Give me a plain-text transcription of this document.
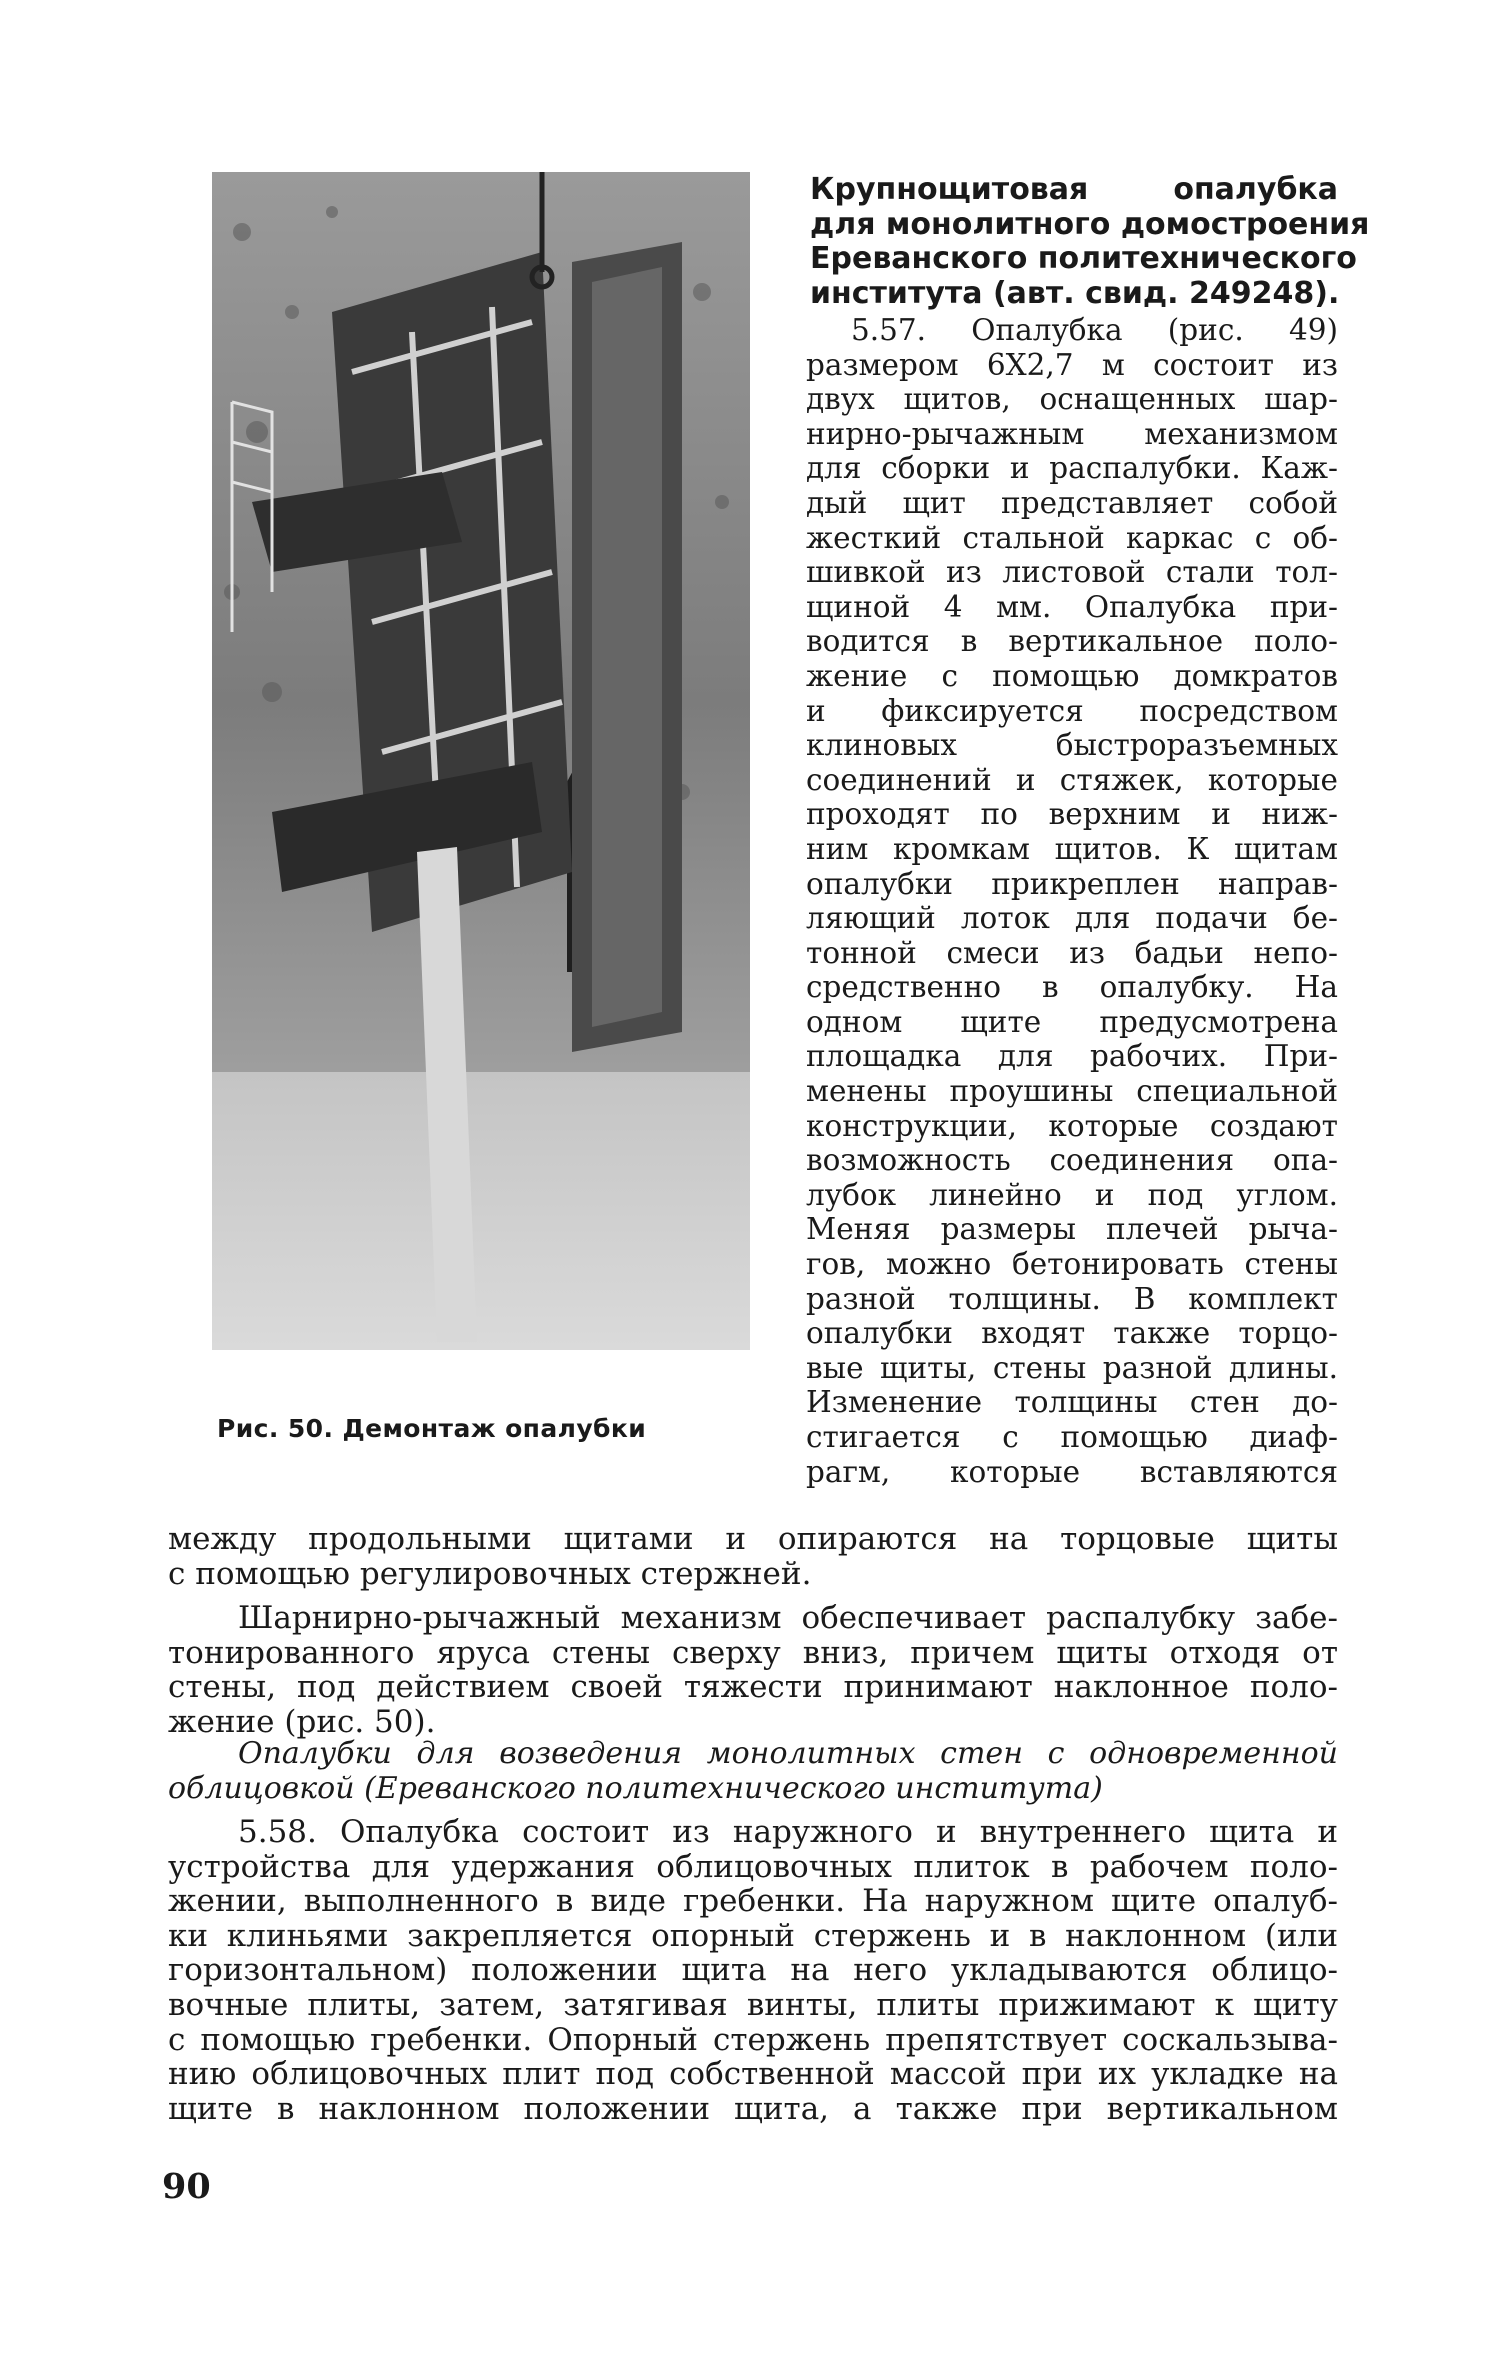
Рис. 50. Демонтаж опалубки
Крупнощитовая опалубка
для монолитного домостроения
Ереванского политехнического
института (авт. свид. 249248).
5.57. Опалубка (рис. 49)
размером 6Х2,7 м состоит из
двух щитов, оснащенных шар-
нирно-рычажным механизмом
для сборки и распалубки. Каж-
дый щит представляет собой
жесткий стальной каркас с об-
шивкой из листовой стали тол-
щиной 4 мм. Опалубка при-
водится в вертикальное поло-
жение с помощью домкратов
и фиксируется посредством
клиновых быстроразъемных
соединений и стяжек, которые
проходят по верхним и ниж-
ним кромкам щитов. К щитам
опалубки прикреплен направ-
ляющий лоток для подачи бе-
тонной смеси из бадьи непо-
средственно в опалубку. На
одном щите предусмотрена
площадка для рабочих. При-
менены проушины специальной
конструкции, которые создают
возможность соединения опа-
лубок линейно и под углом.
Меняя размеры плечей рыча-
гов, можно бетонировать стены
разной толщины. В комплект
опалубки входят также торцо-
вые щиты, стены разной длины.
Изменение толщины стен до-
стигается с помощью диаф-
рагм, которые вставляются
между продольными щитами и опираются на торцовые щиты
с помощью регулировочных стержней.
Шарнирно-рычажный механизм обеспечивает распалубку забе-
тонированного яруса стены сверху вниз, причем щиты отходя от
стены, под действием своей тяжести принимают наклонное поло-
жение (рис. 50).
Опалубки для возведения монолитных стен с одновременной
облицовкой (Ереванского политехнического института)
5.58. Опалубка состоит из наружного и внутреннего щита и
устройства для удержания облицовочных плиток в рабочем поло-
жении, выполненного в виде гребенки. На наружном щите опалуб-
ки клиньями закрепляется опорный стержень и в наклонном (или
горизонтальном) положении щита на него укладываются облицо-
вочные плиты, затем, затягивая винты, плиты прижимают к щиту
с помощью гребенки. Опорный стержень препятствует соскальзыва-
нию облицовочных плит под собственной массой при их укладке на
щите в наклонном положении щита, а также при вертикальном
90
